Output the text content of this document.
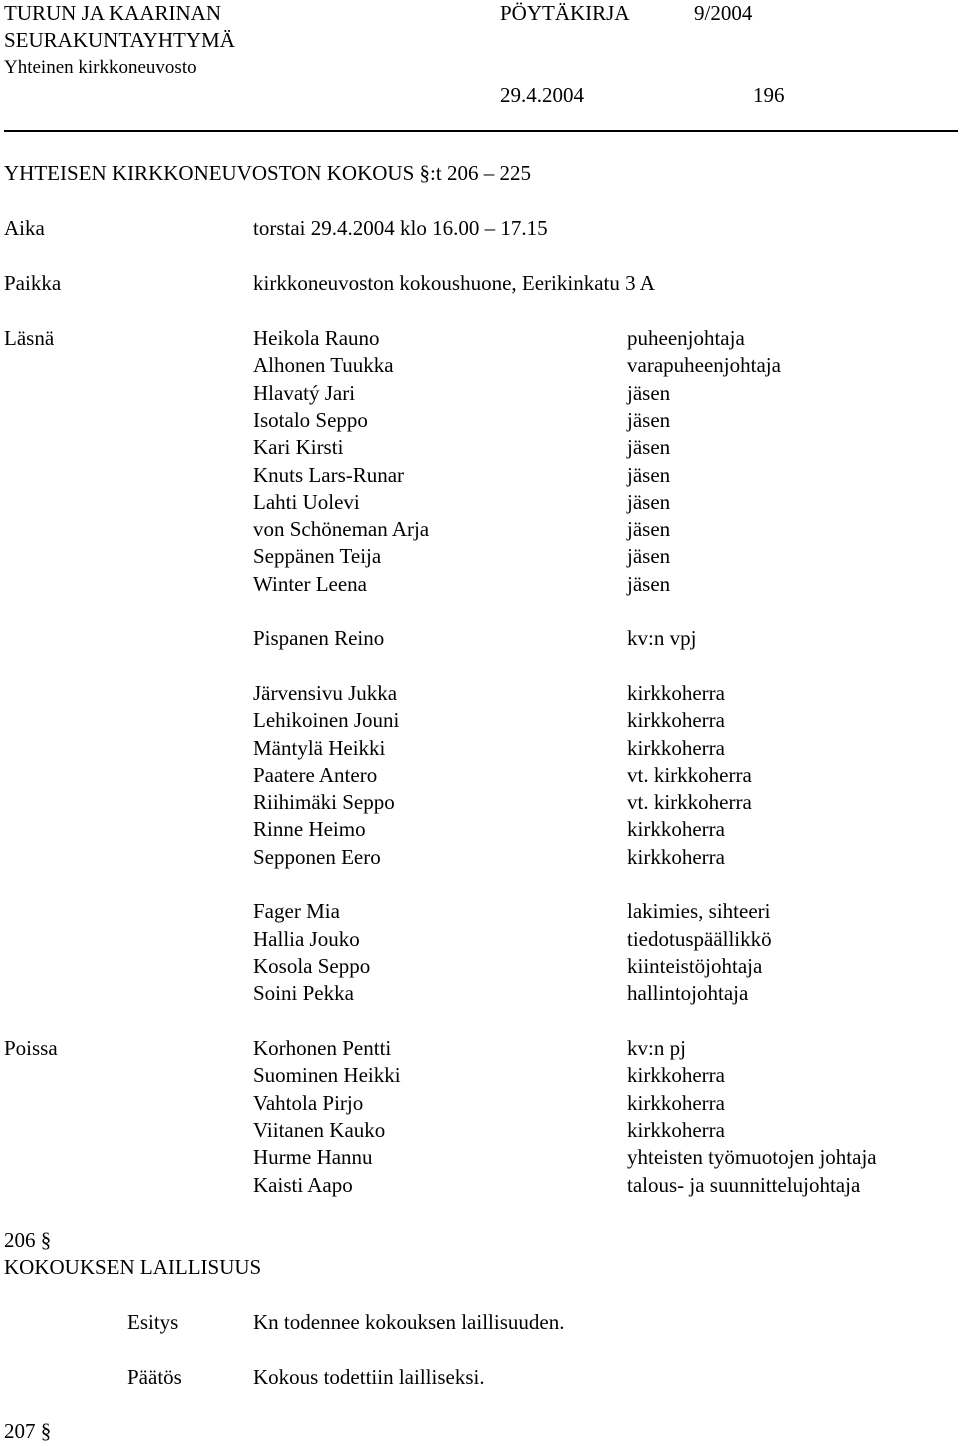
TURUN JA KAARINAN
SEURAKUNTAYHTYMÄ
Yhteinen kirkkoneuvosto
PÖYTÄKIRJA	9/2004
29.4.2004	196
YHTEISEN KIRKKONEUVOSTON KOKOUS §:t 206 – 225
Aika	torstai 29.4.2004 klo 16.00 – 17.15
Paikka	kirkkoneuvoston kokoushuone, Eerikinkatu 3 A
Läsnä	Heikola Rauno	puheenjohtaja
Alhonen Tuukka	varapuheenjohtaja
Hlavatý Jari	jäsen
Isotalo Seppo	jäsen
Kari Kirsti	jäsen
Knuts Lars-Runar	jäsen
Lahti Uolevi	jäsen
von Schöneman Arja	jäsen
Seppänen Teija	jäsen
Winter Leena	jäsen
Pispanen Reino	kv:n vpj
Järvensivu Jukka	kirkkoherra
Lehikoinen Jouni	kirkkoherra
Mäntylä Heikki	kirkkoherra
Paatere Antero	vt. kirkkoherra
Riihimäki Seppo	vt. kirkkoherra
Rinne Heimo	kirkkoherra
Sepponen Eero	kirkkoherra
Fager Mia	lakimies, sihteeri
Hallia Jouko	tiedotuspäällikkö
Kosola Seppo	kiinteistöjohtaja
Soini Pekka	hallintojohtaja
Poissa	Korhonen Pentti	kv:n pj
Suominen Heikki	kirkkoherra
Vahtola Pirjo	kirkkoherra
Viitanen Kauko	kirkkoherra
Hurme Hannu	yhteisten työmuotojen johtaja
Kaisti Aapo	talous- ja suunnittelujohtaja
206 §
KOKOUKSEN LAILLISUUS
Esitys	Kn todennee kokouksen laillisuuden.
Päätös	Kokous todettiin lailliseksi.
207 §
